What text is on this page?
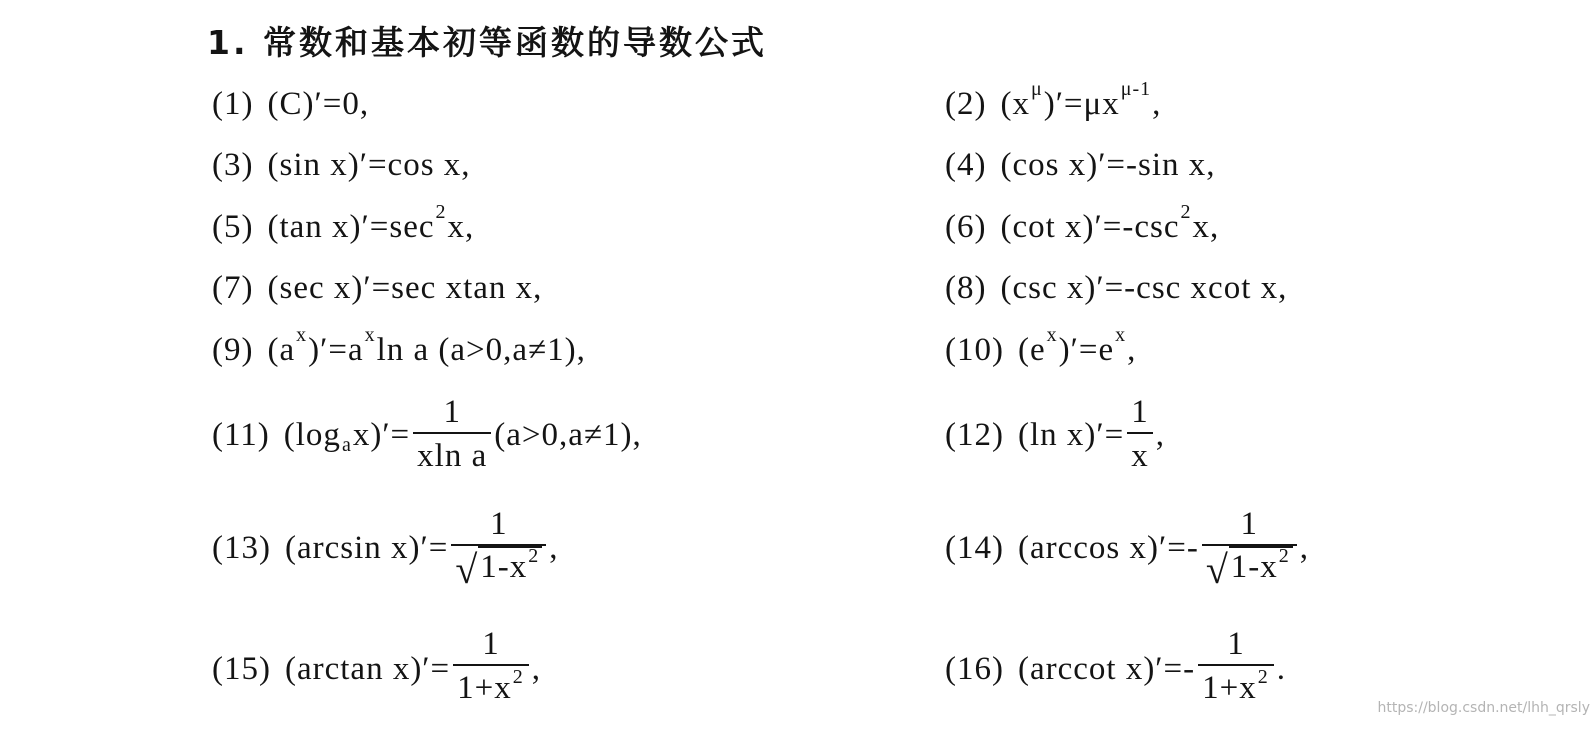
1. 常数和基本初等函数的导数公式
(1) (C)′ =0,	(2) (x μ )′=μx μ-1 ,
(3) (sin x)′=cos x,	(4) (cos x)′=-sin x,
(5) (tan x)′=sec 2 x,	(6) (cot x)′=-csc 2 x,
(7) (sec x)′=sec xtan x,	(8) (csc x)′=-csc xcot x,
(9) (a x )′=a x ln a (a>0,a≠1),	(10) (e x )′=e x ,
(11) (log a $x)'= \frac{1}{\text{xln a}} (a>0,a\ne 1)$,	(12) (ln $x)'= \frac{1}{x}$ ,
(13) (arcsin $x)'= \frac{1}{√ 1-x^2}$ ,	(14) (arccos $x)'=- \frac{1}{√ 1-x^2}$ ,
(15) (arctan $x)'= \frac{1}{1+x^2}$ ,	(16) (arccot $x)'=- \frac{1}{1+x^2}$ .
https://blog.csdn.net/lhh_qrsly
